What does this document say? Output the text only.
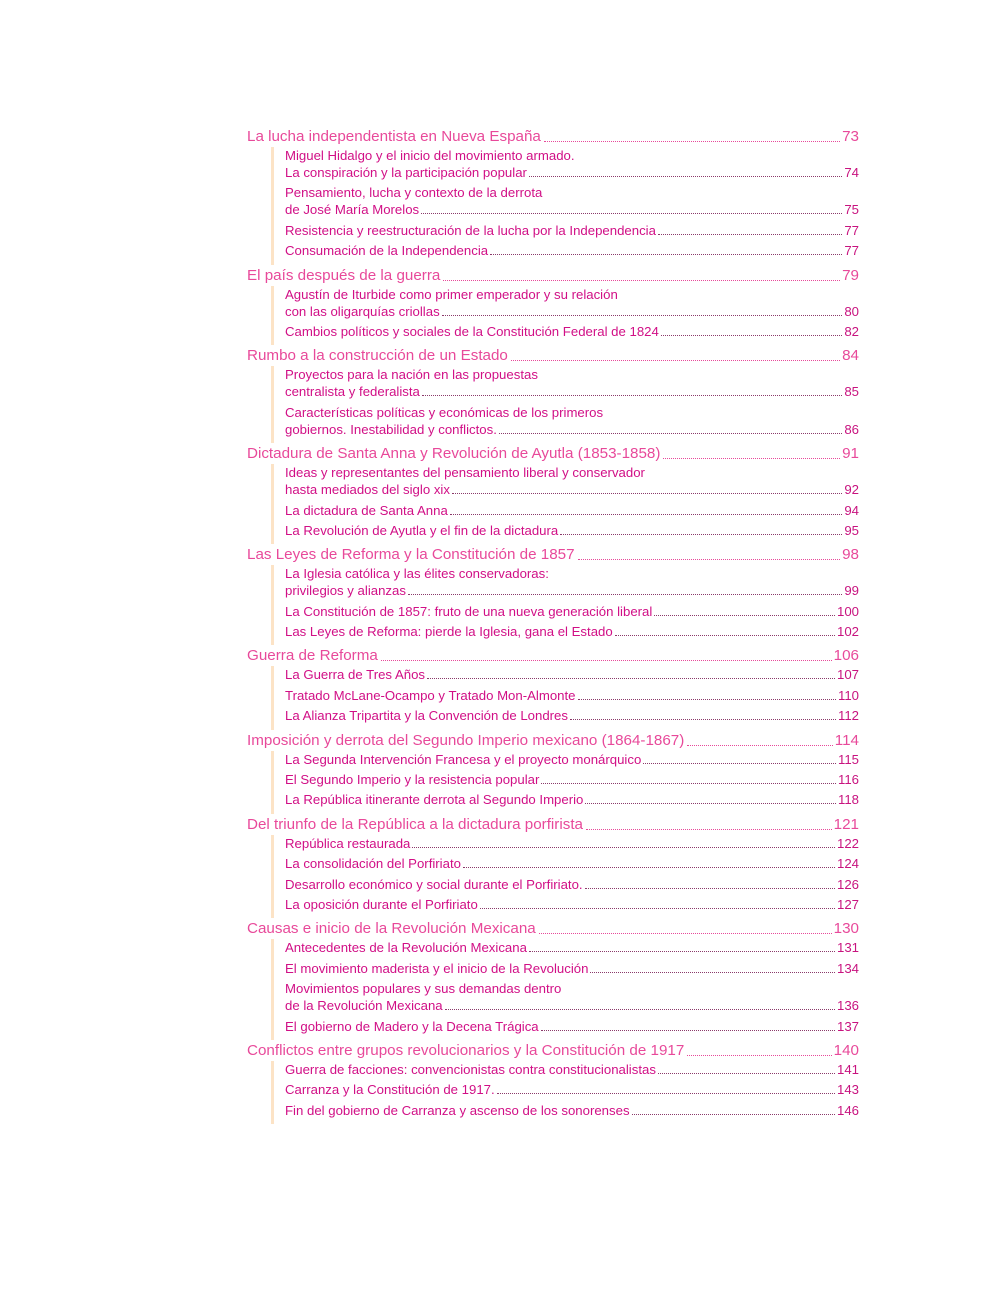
La lucha independentista en Nueva España	73
Miguel Hidalgo y el inicio del movimiento armado.
La conspiración y la participación popular	74
Pensamiento, lucha y contexto de la derrota
de José María Morelos	75
Resistencia y reestructuración de la lucha por la Independencia	77
Consumación de la Independencia	77
El país después de la guerra	79
Agustín de Iturbide como primer emperador y su relación
con las oligarquías criollas	80
Cambios políticos y sociales de la Constitución Federal de 1824	82
Rumbo a la construcción de un Estado	84
Proyectos para la nación en las propuestas
centralista y federalista	85
Características políticas y económicas de los primeros
gobiernos. Inestabilidad y conflictos.	86
Dictadura de Santa Anna y Revolución de Ayutla (1853-1858)	91
Ideas y representantes del pensamiento liberal y conservador
hasta mediados del siglo xix	92
La dictadura de Santa Anna	94
La Revolución de Ayutla y el fin de la dictadura	95
Las Leyes de Reforma y la Constitución de 1857	98
La Iglesia católica y las élites conservadoras:
privilegios y alianzas	99
La Constitución de 1857: fruto de una nueva generación liberal	100
Las Leyes de Reforma: pierde la Iglesia, gana el Estado	102
Guerra de Reforma	106
La Guerra de Tres Años	107
Tratado McLane-Ocampo y Tratado Mon-Almonte	110
La Alianza Tripartita y la Convención de Londres	112
Imposición y derrota del Segundo Imperio mexicano (1864-1867)	114
La Segunda Intervención Francesa y el proyecto monárquico	115
El Segundo Imperio y la resistencia popular	116
La República itinerante derrota al Segundo Imperio	118
Del triunfo de la República a la dictadura porfirista	121
República restaurada	122
La consolidación del Porfiriato	124
Desarrollo económico y social durante el Porfiriato.	126
La oposición durante el Porfiriato	127
Causas e inicio de la Revolución Mexicana	130
Antecedentes de la Revolución Mexicana	131
El movimiento maderista y el inicio de la Revolución	134
Movimientos populares y sus demandas dentro
de la Revolución Mexicana	136
El gobierno de Madero y la Decena Trágica	137
Conflictos entre grupos revolucionarios y la Constitución de 1917	140
Guerra de facciones: convencionistas contra constitucionalistas	141
Carranza y la Constitución de 1917.	143
Fin del gobierno de Carranza y ascenso de los sonorenses	146
